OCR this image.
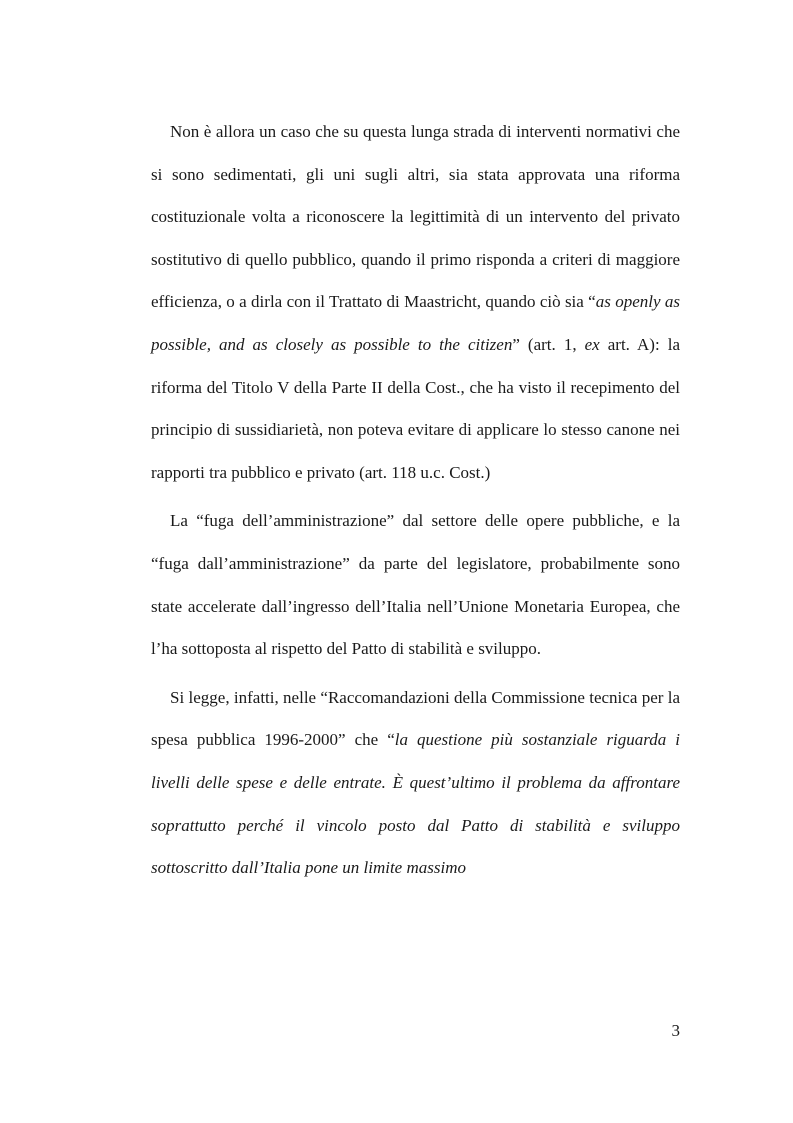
Non è allora un caso che su questa lunga strada di interventi normativi che si sono sedimentati, gli uni sugli altri, sia stata approvata una riforma costituzionale volta a riconoscere la legittimità di un intervento del privato sostitutivo di quello pubblico, quando il primo risponda a criteri di maggiore efficienza, o a dirla con il Trattato di Maastricht, quando ciò sia “as openly as possible, and as closely as possible to the citizen” (art. 1, ex art. A): la riforma del Titolo V della Parte II della Cost., che ha visto il recepimento del principio di sussidiarietà, non poteva evitare di applicare lo stesso canone nei rapporti tra pubblico e privato (art. 118 u.c. Cost.)

La “fuga dell’amministrazione” dal settore delle opere pubbliche, e la “fuga dall’amministrazione” da parte del legislatore, probabilmente sono state accelerate dall’ingresso dell’Italia nell’Unione Monetaria Europea, che l’ha sottoposta al rispetto del Patto di stabilità e sviluppo.

Si legge, infatti, nelle “Raccomandazioni della Commissione tecnica per la spesa pubblica 1996-2000” che “la questione più sostanziale riguarda i livelli delle spese e delle entrate. È quest’ultimo il problema da affrontare soprattutto perché il vincolo posto dal Patto di stabilità e sviluppo sottoscritto dall’Italia pone un limite massimo

3
